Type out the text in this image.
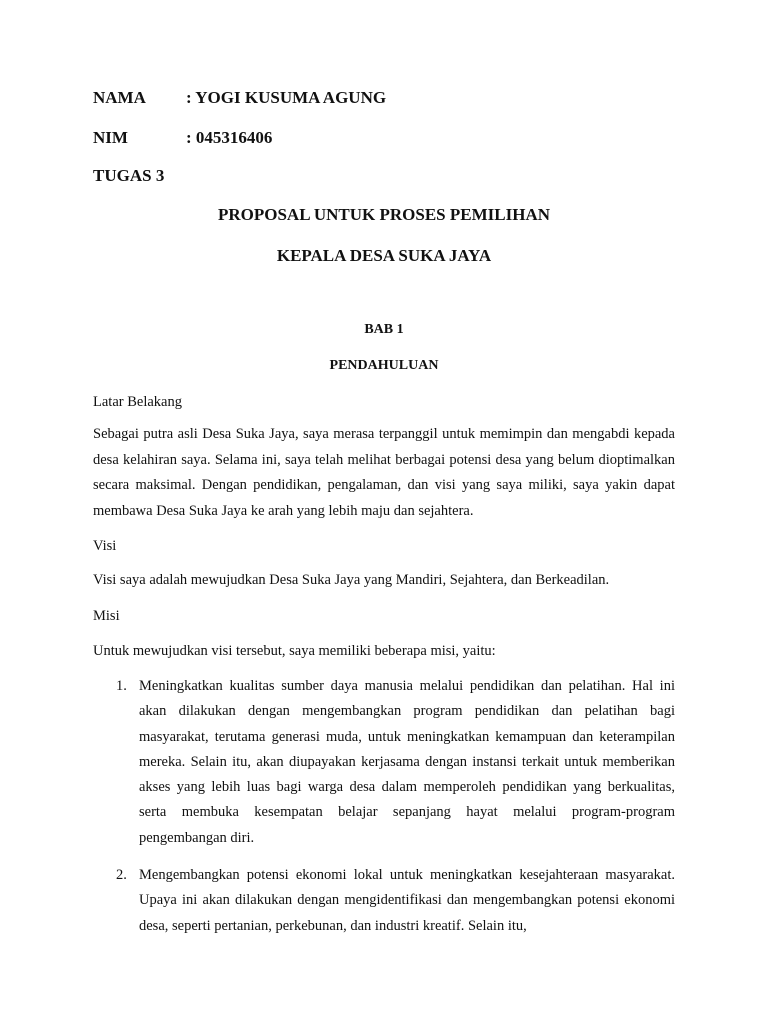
NAMA : YOGI KUSUMA AGUNG
NIM	: 045316406
TUGAS 3
PROPOSAL UNTUK PROSES PEMILIHAN
KEPALA DESA SUKA JAYA
BAB 1
PENDAHULUAN
Latar Belakang
Sebagai putra asli Desa Suka Jaya, saya merasa terpanggil untuk memimpin dan mengabdi kepada desa kelahiran saya. Selama ini, saya telah melihat berbagai potensi desa yang belum dioptimalkan secara maksimal. Dengan pendidikan, pengalaman, dan visi yang saya miliki, saya yakin dapat membawa Desa Suka Jaya ke arah yang lebih maju dan sejahtera.
Visi
Visi saya adalah mewujudkan Desa Suka Jaya yang Mandiri, Sejahtera, dan Berkeadilan.
Misi
Untuk mewujudkan visi tersebut, saya memiliki beberapa misi, yaitu:
1. Meningkatkan kualitas sumber daya manusia melalui pendidikan dan pelatihan. Hal ini akan dilakukan dengan mengembangkan program pendidikan dan pelatihan bagi masyarakat, terutama generasi muda, untuk meningkatkan kemampuan dan keterampilan mereka. Selain itu, akan diupayakan kerjasama dengan instansi terkait untuk memberikan akses yang lebih luas bagi warga desa dalam memperoleh pendidikan yang berkualitas, serta membuka kesempatan belajar sepanjang hayat melalui program-program pengembangan diri.
2. Mengembangkan potensi ekonomi lokal untuk meningkatkan kesejahteraan masyarakat. Upaya ini akan dilakukan dengan mengidentifikasi dan mengembangkan potensi ekonomi desa, seperti pertanian, perkebunan, dan industri kreatif. Selain itu,
